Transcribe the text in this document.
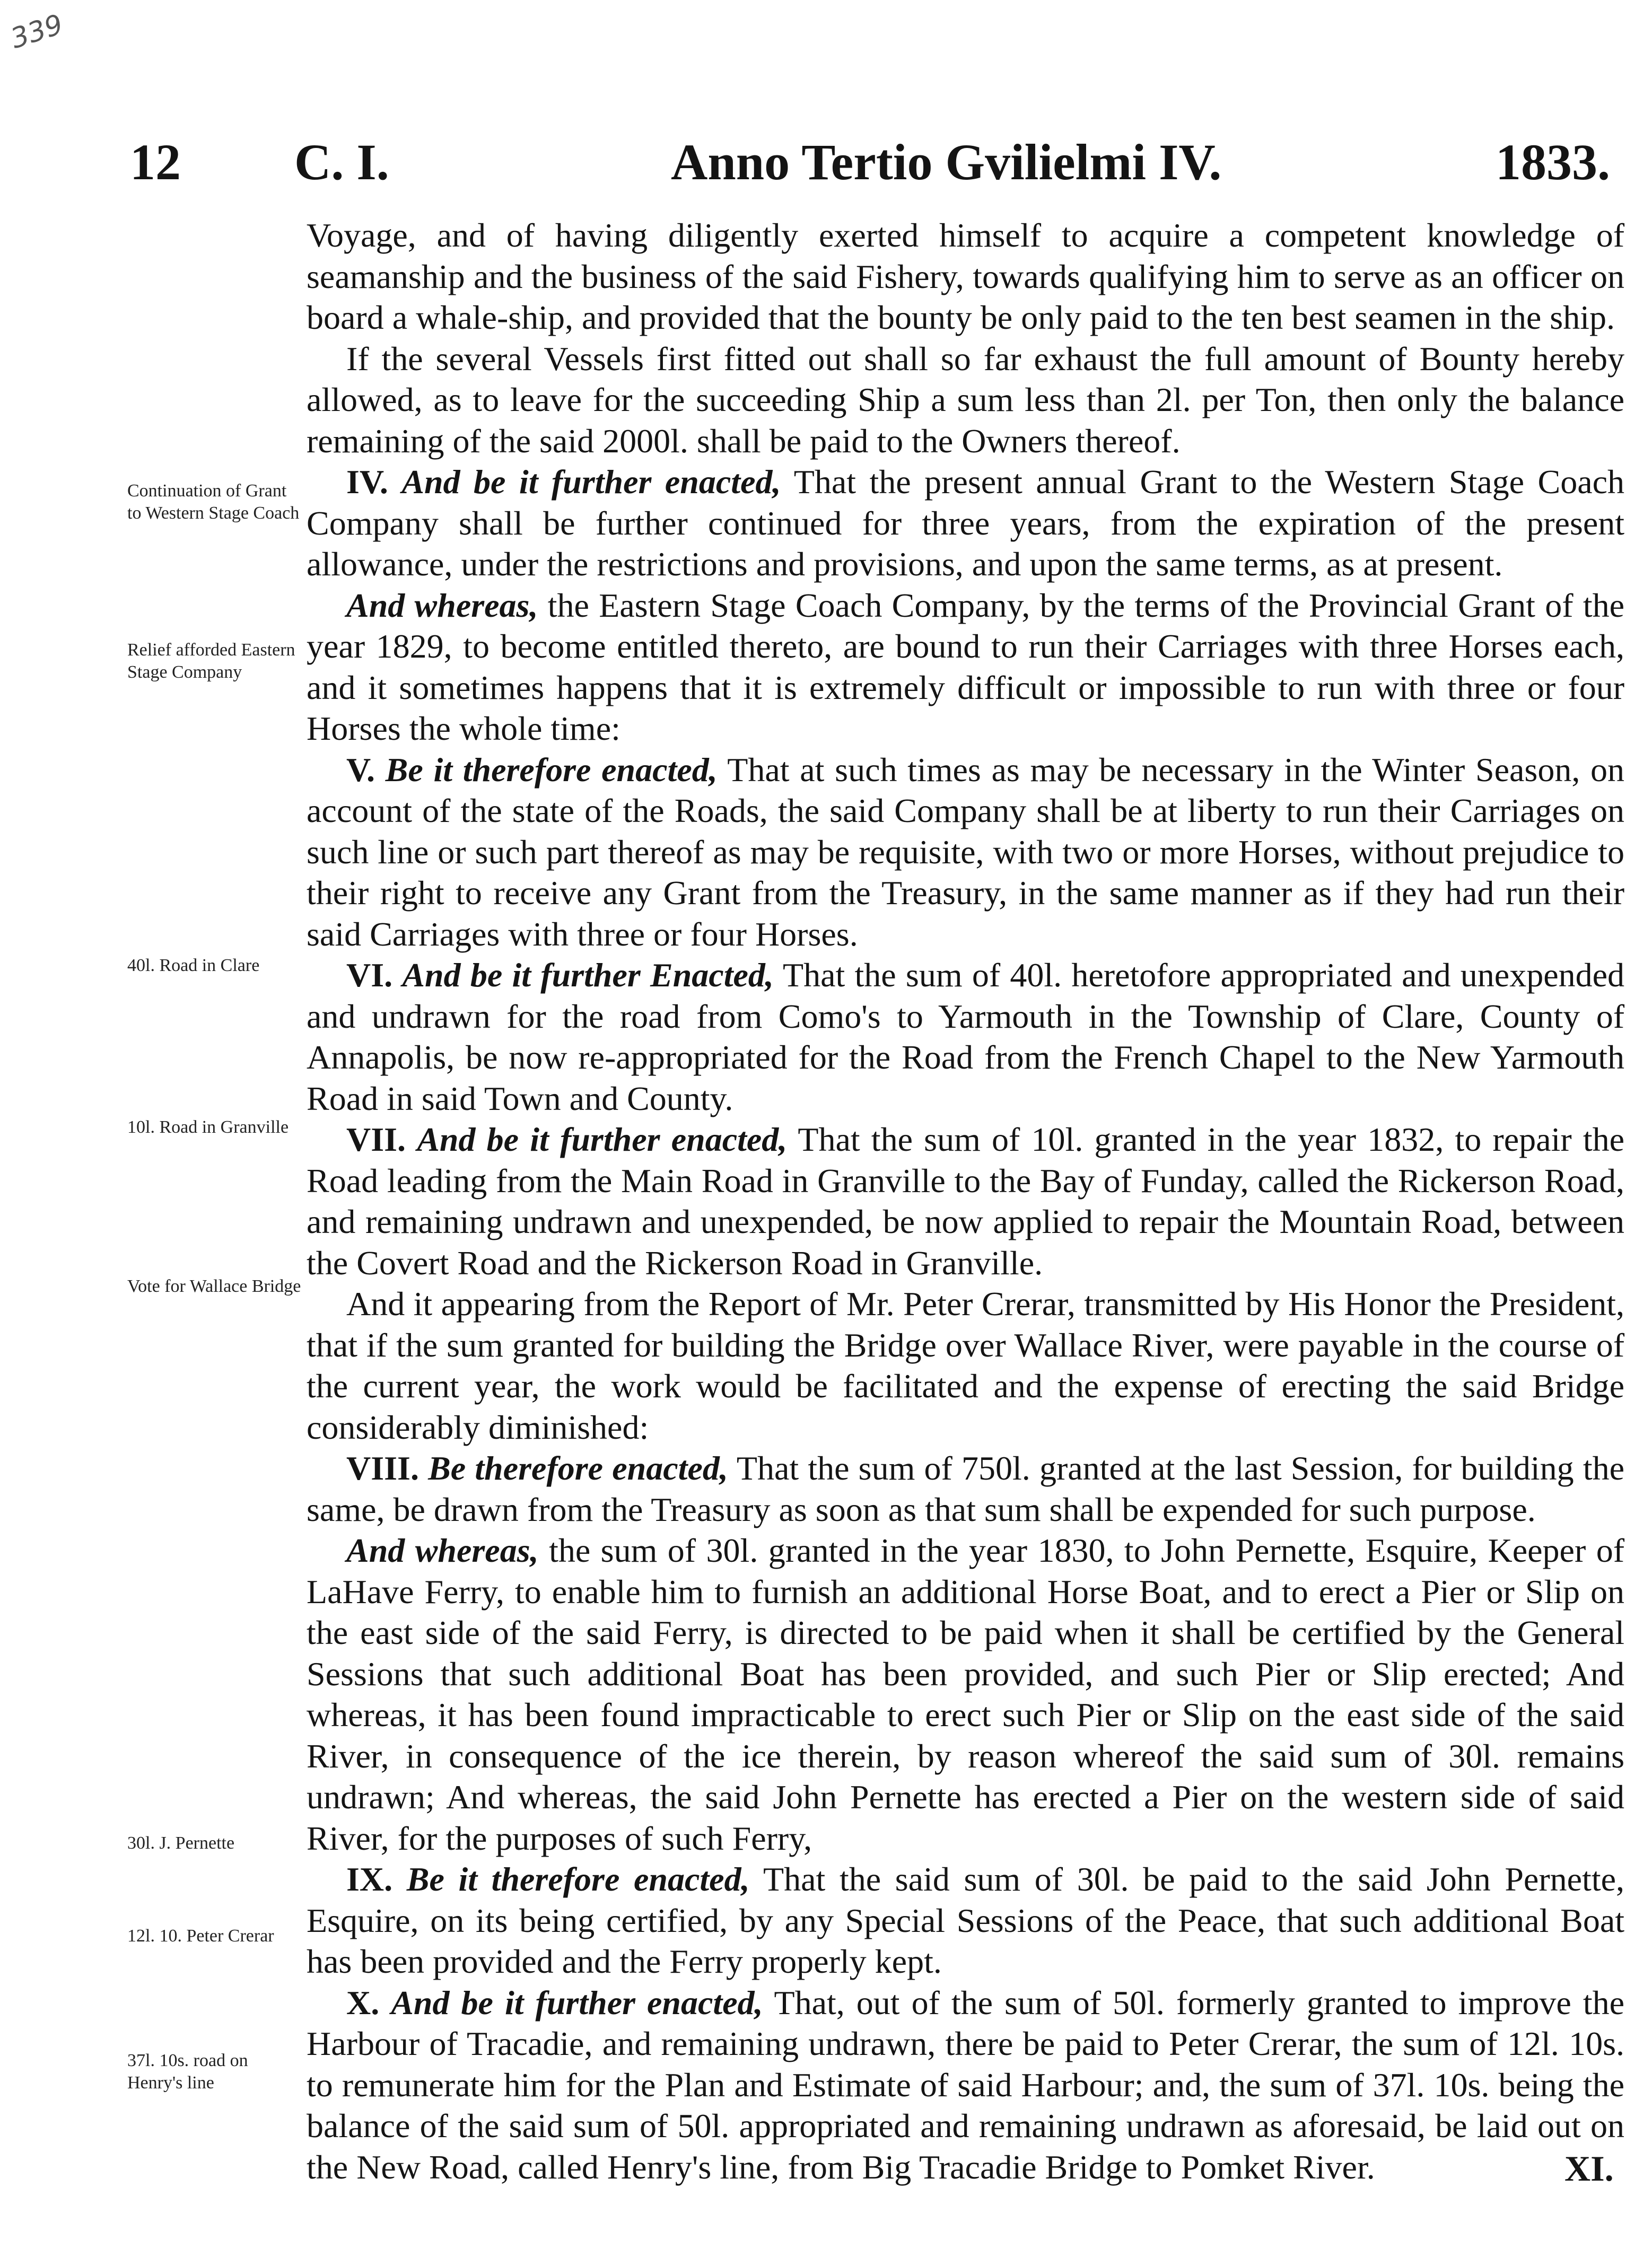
339
12 C. I.	Anno Tertio Gvilielmi IV.	1833.
Continuation of Grant to Western Stage Coach
Relief afforded Eastern Stage Company
40l. Road in Clare
10l. Road in Granville
Vote for Wallace Bridge
30l. J. Pernette
12l. 10. Peter Crerar
37l. 10s. road on Henry's line

Voyage, and of having diligently exerted himself to acquire a competent knowledge of seamanship and the business of the said Fishery, towards qualifying him to serve as an officer on board a whale-ship, and provided that the bounty be only paid to the ten best seamen in the ship.

If the several Vessels first fitted out shall so far exhaust the full amount of Bounty hereby allowed, as to leave for the succeeding Ship a sum less than 2l. per Ton, then only the balance remaining of the said 2000l. shall be paid to the Owners thereof.

IV. And be it further enacted, That the present annual Grant to the Western Stage Coach Company shall be further continued for three years, from the expiration of the present allowance, under the restrictions and provisions, and upon the same terms, as at present.

And whereas, the Eastern Stage Coach Company, by the terms of the Provincial Grant of the year 1829, to become entitled thereto, are bound to run their Carriages with three Horses each, and it sometimes happens that it is extremely difficult or impossible to run with three or four Horses the whole time:

V. Be it therefore enacted, That at such times as may be necessary in the Winter Season, on account of the state of the Roads, the said Company shall be at liberty to run their Carriages on such line or such part thereof as may be requisite, with two or more Horses, without prejudice to their right to receive any Grant from the Treasury, in the same manner as if they had run their said Carriages with three or four Horses.

VI. And be it further Enacted, That the sum of 40l. heretofore appropriated and unexpended and undrawn for the road from Como's to Yarmouth in the Township of Clare, County of Annapolis, be now re-appropriated for the Road from the French Chapel to the New Yarmouth Road in said Town and County.

VII. And be it further enacted, That the sum of 10l. granted in the year 1832, to repair the Road leading from the Main Road in Granville to the Bay of Funday, called the Rickerson Road, and remaining undrawn and unexpended, be now applied to repair the Mountain Road, between the Covert Road and the Rickerson Road in Granville.

And it appearing from the Report of Mr. Peter Crerar, transmitted by His Honor the President, that if the sum granted for building the Bridge over Wallace River, were payable in the course of the current year, the work would be facilitated and the expense of erecting the said Bridge considerably diminished:

VIII. Be therefore enacted, That the sum of 750l. granted at the last Session, for building the same, be drawn from the Treasury as soon as that sum shall be expended for such purpose.

And whereas, the sum of 30l. granted in the year 1830, to John Pernette, Esquire, Keeper of LaHave Ferry, to enable him to furnish an additional Horse Boat, and to erect a Pier or Slip on the east side of the said Ferry, is directed to be paid when it shall be certified by the General Sessions that such additional Boat has been provided, and such Pier or Slip erected; And whereas, it has been found impracticable to erect such Pier or Slip on the east side of the said River, in consequence of the ice therein, by reason whereof the said sum of 30l. remains undrawn; And whereas, the said John Pernette has erected a Pier on the western side of said River, for the purposes of such Ferry,

IX. Be it therefore enacted, That the said sum of 30l. be paid to the said John Pernette, Esquire, on its being certified, by any Special Sessions of the Peace, that such additional Boat has been provided and the Ferry properly kept.

X. And be it further enacted, That, out of the sum of 50l. formerly granted to improve the Harbour of Tracadie, and remaining undrawn, there be paid to Peter Crerar, the sum of 12l. 10s. to remunerate him for the Plan and Estimate of said Harbour; and, the sum of 37l. 10s. being the balance of the said sum of 50l. appropriated and remaining undrawn as aforesaid, be laid out on the New Road, called Henry's line, from Big Tracadie Bridge to Pomket River.	XI.
